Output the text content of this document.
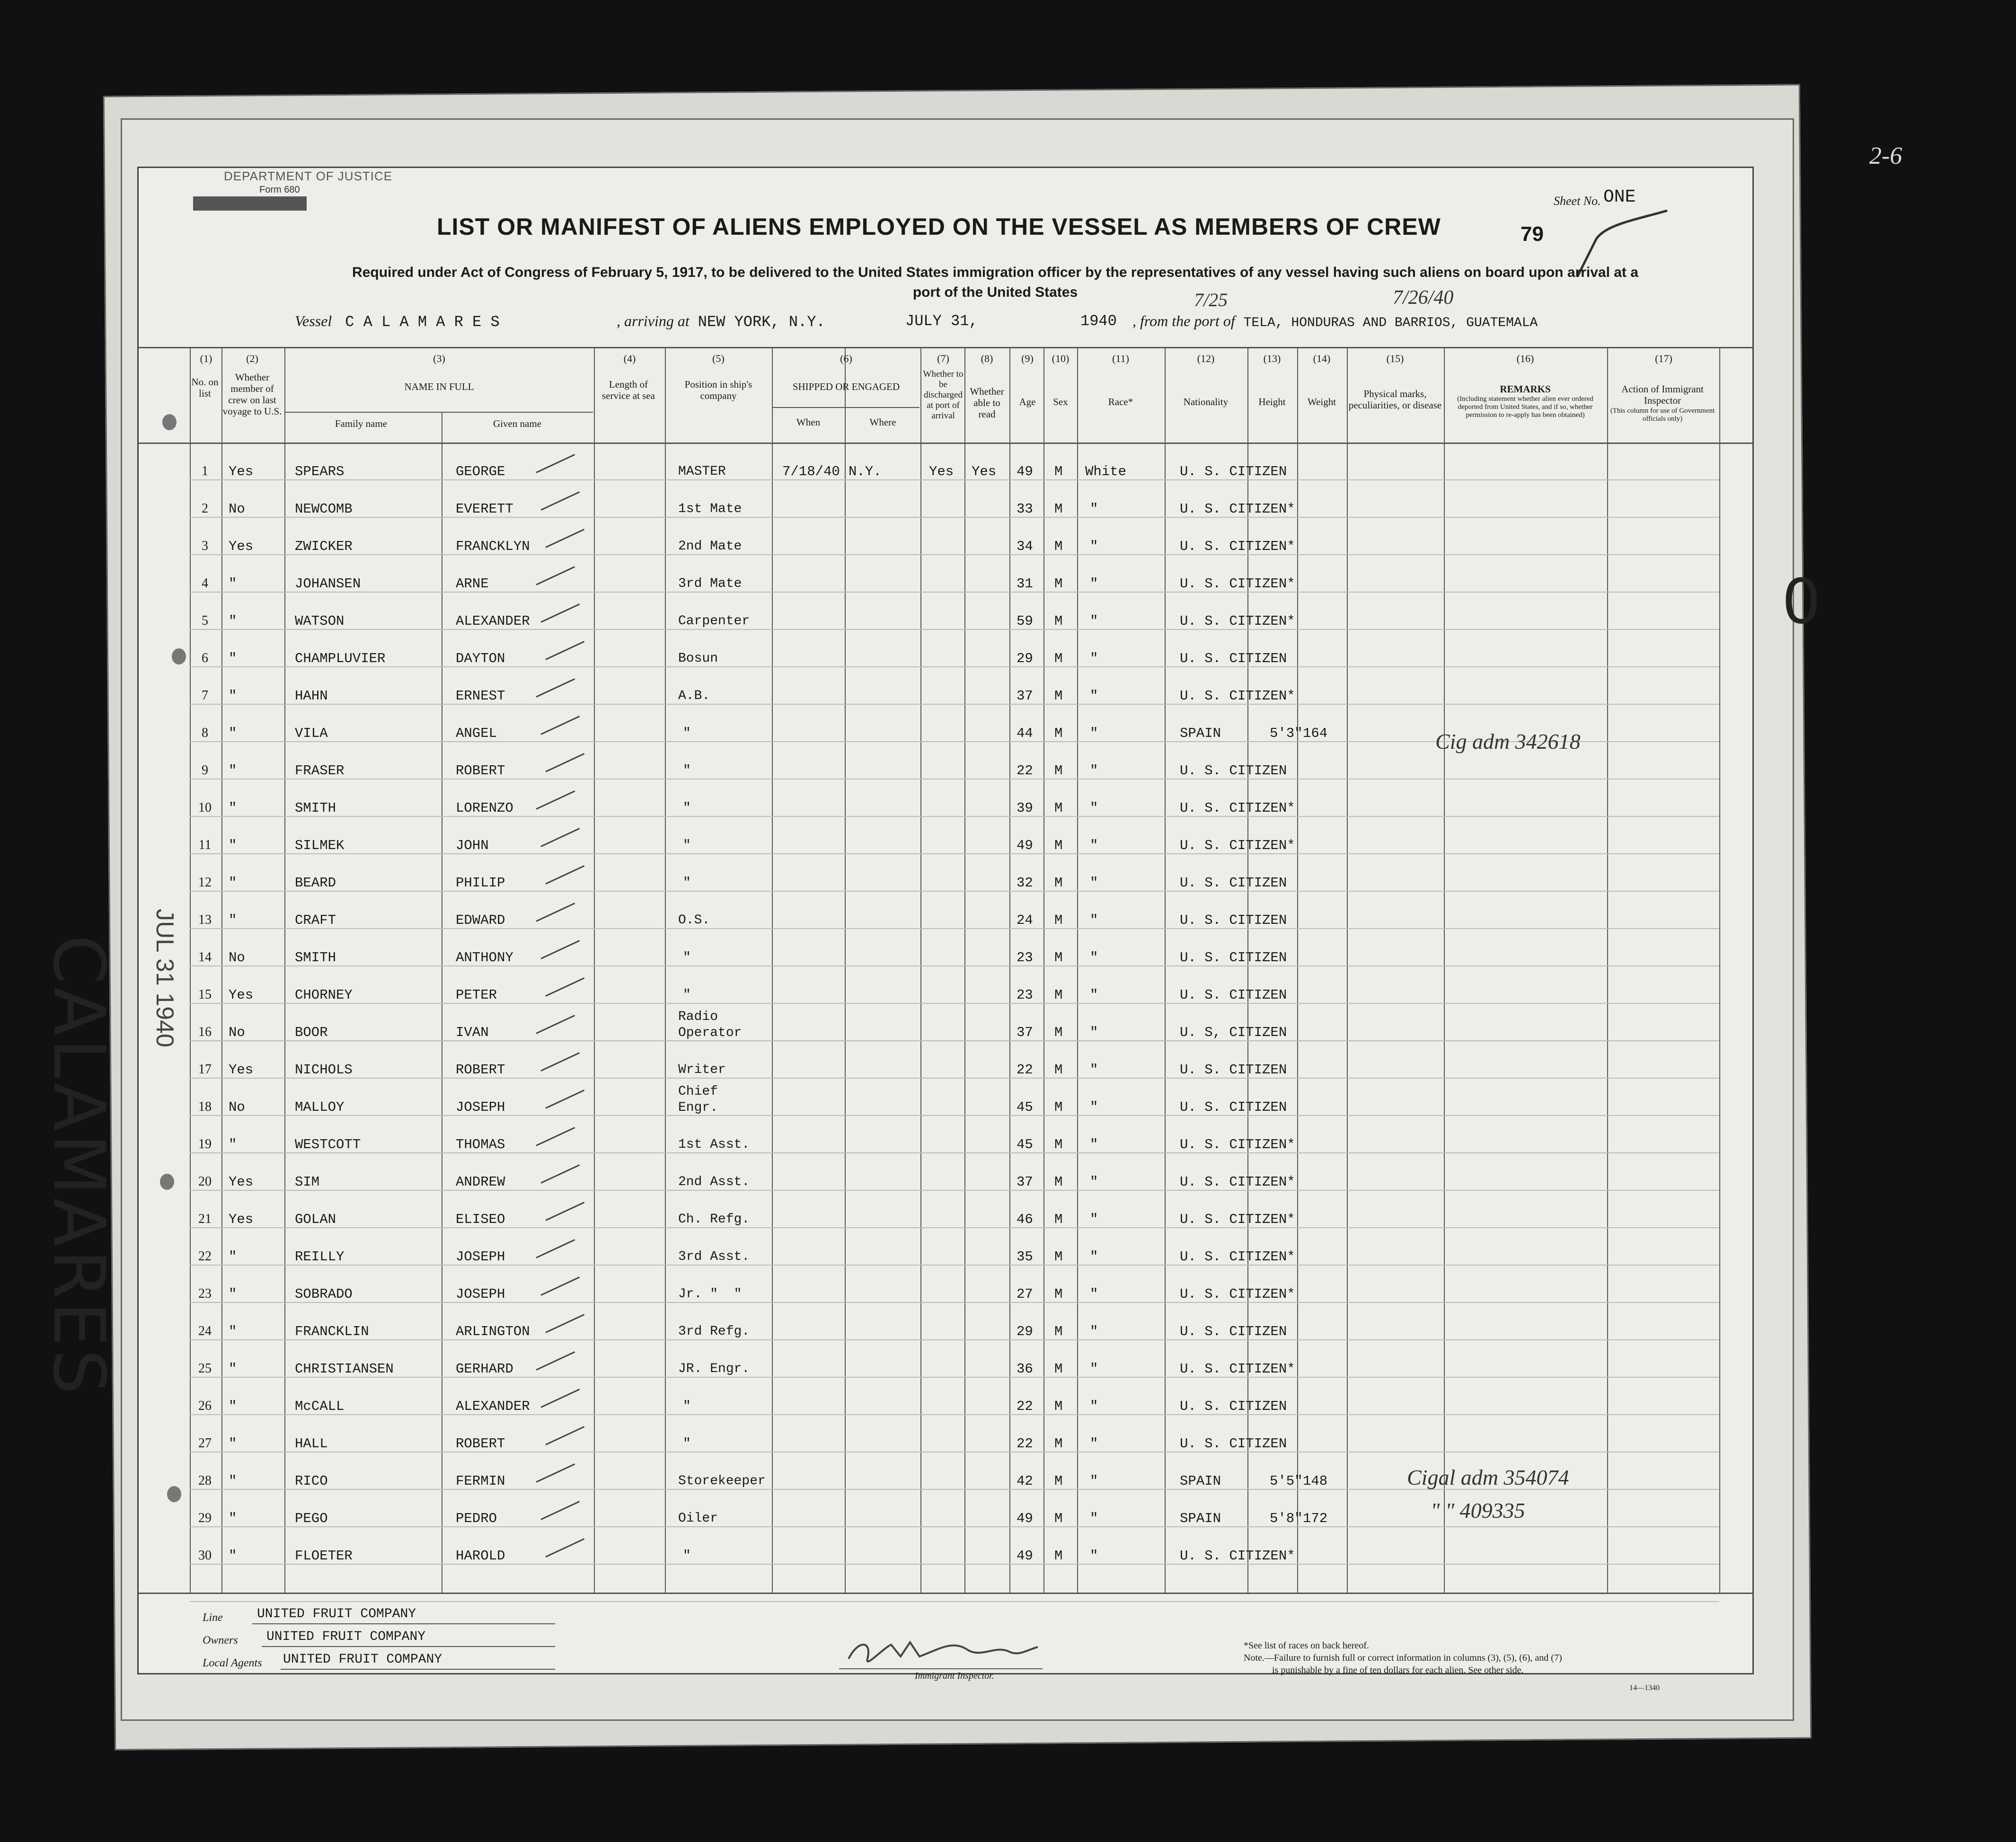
2-6
0
DEPARTMENT OF JUSTICE
Form 680
LIST OR MANIFEST OF ALIENS EMPLOYED ON THE VESSEL AS MEMBERS OF CREW
Sheet No. ONE
79
Required under Act of Congress of February 5, 1917, to be delivered to the United States immigration officer by the representatives of any vessel having such aliens on board upon arrival at a
port of the United States	7/25	7/26/40
Vessel C A L A M A R E S	, arriving at NEW YORK, N.Y.	JULY 31,	1940 , from the port of TELA, HONDURAS AND BARRIOS, GUATEMALA
(1)	(2)	(3)	(4)	(5)	(6)	(7)	(8)	(9)	(10)	(11)	(12)	(13)	(14)	(15)	(16)	(17)
No. on list
Whether member of crew on last voyage to U.S.
NAME IN FULL
Family name	Given name
Length of service at sea
Position in ship's company
SHIPPED OR ENGAGED
When	Where
Whether to be discharged at port of arrival
Whether able to read
Age	Sex	Race*	Nationality	Height	Weight
Physical marks, peculiarities, or disease
REMARKS
(Including statement whether alien ever ordered deported from United States, and if so, whether permission to re-apply has been obtained)
Action of Immigrant Inspector
(This column for use of Government officials only)
1	Yes	SPEARS	GEORGE	MASTER	7/18/40 N.Y.	Yes Yes 49 M White	U. S. CITIZEN
2	No	NEWCOMB	EVERETT	1st Mate	33 M "	U. S. CITIZEN*
3	Yes	ZWICKER	FRANCKLYN	2nd Mate	34 M "	U. S. CITIZEN*
4	"	JOHANSEN	ARNE	3rd Mate	31 M "	U. S. CITIZEN*
5	"	WATSON	ALEXANDER	Carpenter	59 M "	U. S. CITIZEN*
6	"	CHAMPLUVIER	DAYTON	Bosun	29 M "	U. S. CITIZEN
7	"	HAHN	ERNEST	A.B.	37 M "	U. S. CITIZEN*
8	"	VILA	ANGEL	"	44 M "	SPAIN	5'3" 164
9	"	FRASER	ROBERT	"	22 M "	U. S. CITIZEN
10	"	SMITH	LORENZO	"	39 M "	U. S. CITIZEN*
11	"	SILMEK	JOHN	"	49 M "	U. S. CITIZEN*
12	"	BEARD	PHILIP	"	32 M "	U. S. CITIZEN
13	"	CRAFT	EDWARD	O.S.	24 M "	U. S. CITIZEN
14	No	SMITH	ANTHONY	"	23 M "	U. S. CITIZEN
15	Yes	CHORNEY	PETER	"	23 M "	U. S. CITIZEN
16	No	BOOR	IVAN
Radio
Operator	37 M "	U. S, CITIZEN
17	Yes	NICHOLS	ROBERT	Writer	22 M "	U. S. CITIZEN
18	No	MALLOY	JOSEPH
Chief
Engr.	45 M "	U. S. CITIZEN
19	"	WESTCOTT	THOMAS	1st Asst.	45 M "	U. S. CITIZEN*
20	Yes	SIM	ANDREW	2nd Asst.	37 M "	U. S. CITIZEN*
21	Yes	GOLAN	ELISEO	Ch. Refg.	46 M "	U. S. CITIZEN*
22	"	REILLY	JOSEPH	3rd Asst.	35 M "	U. S. CITIZEN*
23	"	SOBRADO	JOSEPH	Jr. "  "	27 M "	U. S. CITIZEN*
24	"	FRANCKLIN	ARLINGTON	3rd Refg.	29 M "	U. S. CITIZEN
25	"	CHRISTIANSEN	GERHARD	JR. Engr.	36 M "	U. S. CITIZEN*
26	"	McCALL	ALEXANDER	"	22 M "	U. S. CITIZEN
27	"	HALL	ROBERT	"	22 M "	U. S. CITIZEN
28	"	RICO	FERMIN	Storekeeper	42 M "	SPAIN	5'5" 148
29	"	PEGO	PEDRO	Oiler	49 M "	SPAIN	5'8" 172
30	"	FLOETER	HAROLD	"	49 M "	U. S. CITIZEN*
Cig adm 342618
Cigal adm 354074
" " 409335
CALAMARES JUL 31 1940
Line	UNITED FRUIT COMPANY
Owners UNITED FRUIT COMPANY
Local Agents UNITED FRUIT COMPANY
Immigrant Inspector.
*See list of races on back hereof.
Note.—Failure to furnish full or correct information in columns (3), (5), (6), and (7)
is punishable by a fine of ten dollars for each alien. See other side.
14—1340
